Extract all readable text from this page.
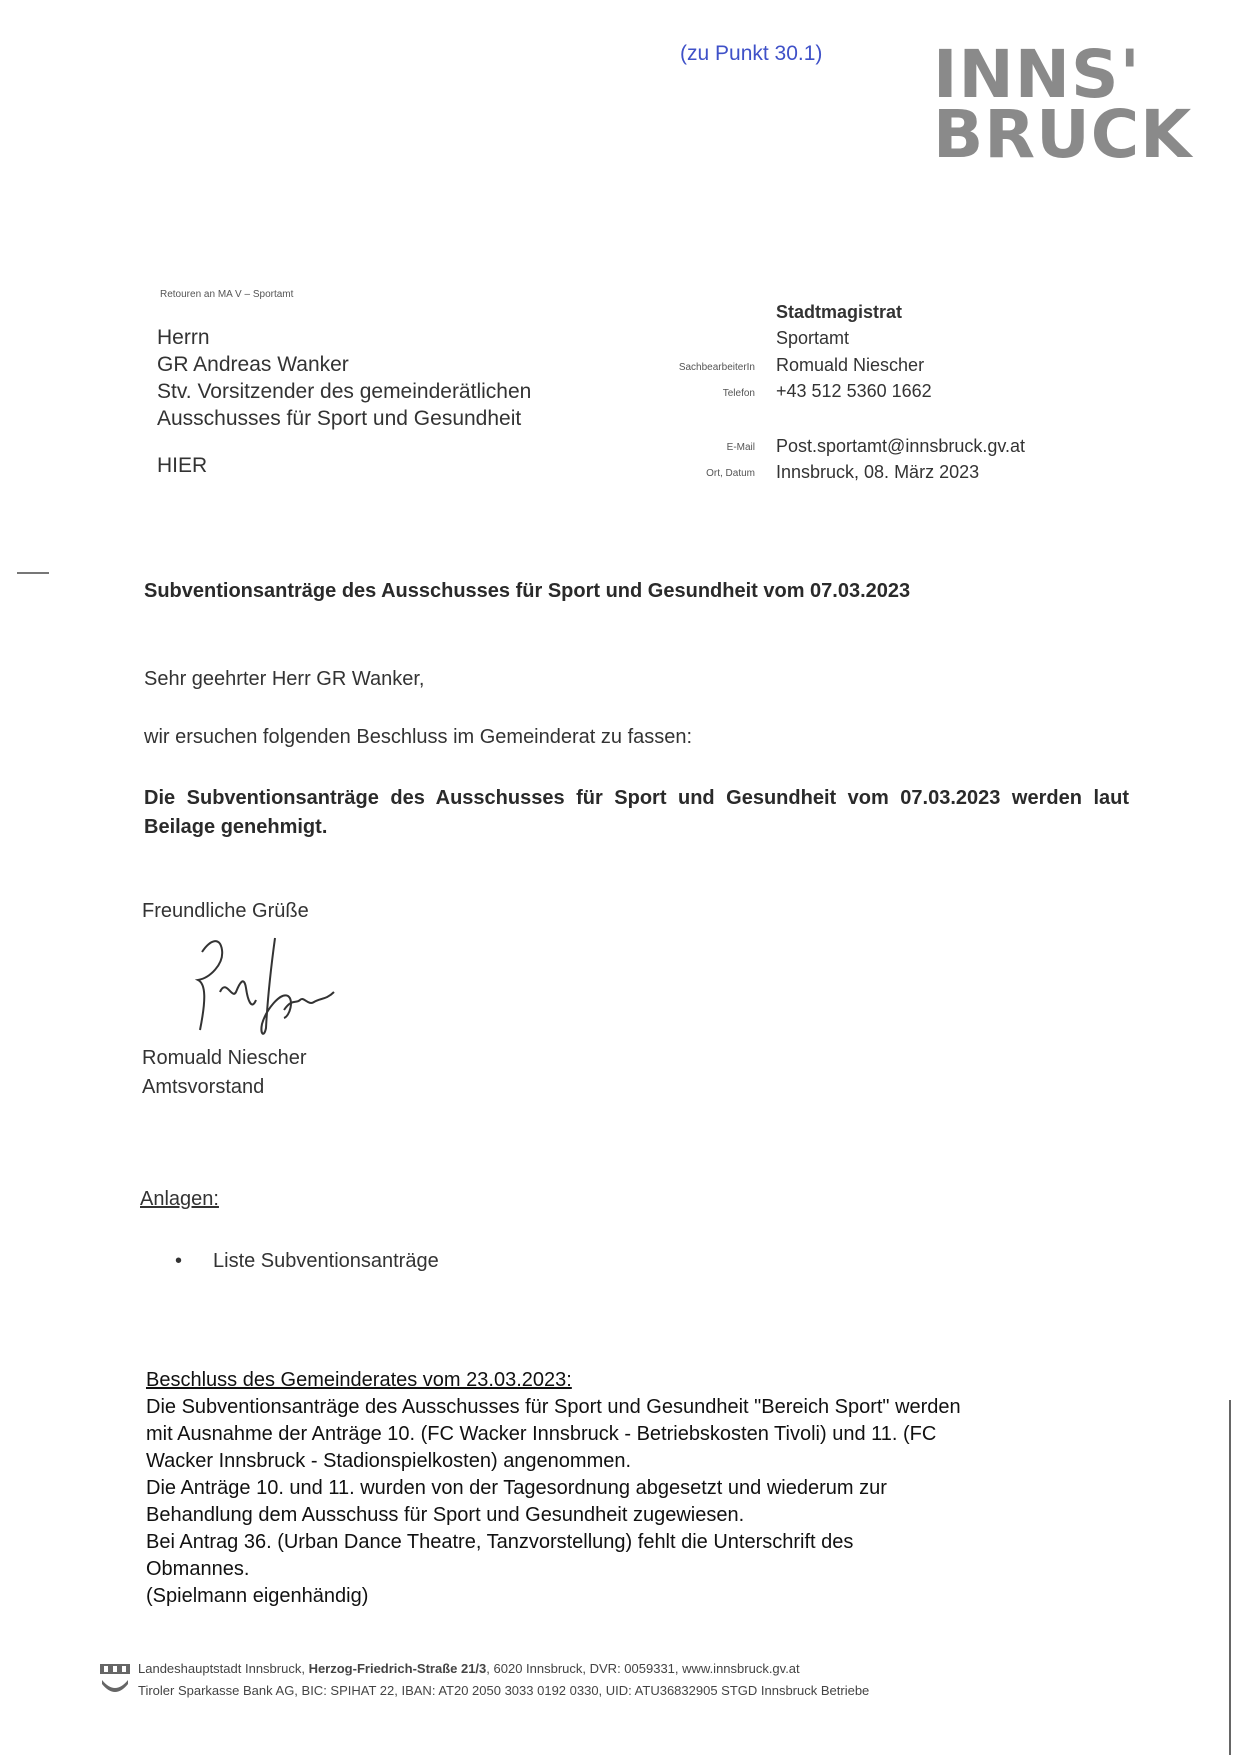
(zu Punkt 30.1) INNS'
BRUCK
Retouren an MA V – Sportamt
Herrn
GR Andreas Wanker
Stv. Vorsitzender des gemeinderätlichen
Ausschusses für Sport und Gesundheit
HIER
SachbearbeiterIn
Telefon
E-Mail
Ort, Datum
Stadtmagistrat
Sportamt
Romuald Niescher
+43 512 5360 1662
Post.sportamt@innsbruck.gv.at
Innsbruck, 08. März 2023
Subventionsanträge des Ausschusses für Sport und Gesundheit vom 07.03.2023
Sehr geehrter Herr GR Wanker,
wir ersuchen folgenden Beschluss im Gemeinderat zu fassen:
Die Subventionsanträge des Ausschusses für Sport und Gesundheit vom 07.03.2023 werden laut Beilage genehmigt.
Freundliche Grüße
Romuald Niescher
Amtsvorstand
Anlagen:
• Liste Subventionsanträge
Beschluss des Gemeinderates vom 23.03.2023:
Die Subventionsanträge des Ausschusses für Sport und Gesundheit "Bereich Sport" werden
mit Ausnahme der Anträge 10. (FC Wacker Innsbruck - Betriebskosten Tivoli) und 11. (FC
Wacker Innsbruck - Stadionspielkosten) angenommen.
Die Anträge 10. und 11. wurden von der Tagesordnung abgesetzt und wiederum zur
Behandlung dem Ausschuss für Sport und Gesundheit zugewiesen.
Bei Antrag 36. (Urban Dance Theatre, Tanzvorstellung) fehlt die Unterschrift des
Obmannes.
(Spielmann eigenhändig)
Landeshauptstadt Innsbruck, Herzog-Friedrich-Straße 21/3, 6020 Innsbruck, DVR: 0059331, www.innsbruck.gv.at
Tiroler Sparkasse Bank AG, BIC: SPIHAT 22, IBAN: AT20 2050 3033 0192 0330, UID: ATU36832905 STGD Innsbruck Betriebe
